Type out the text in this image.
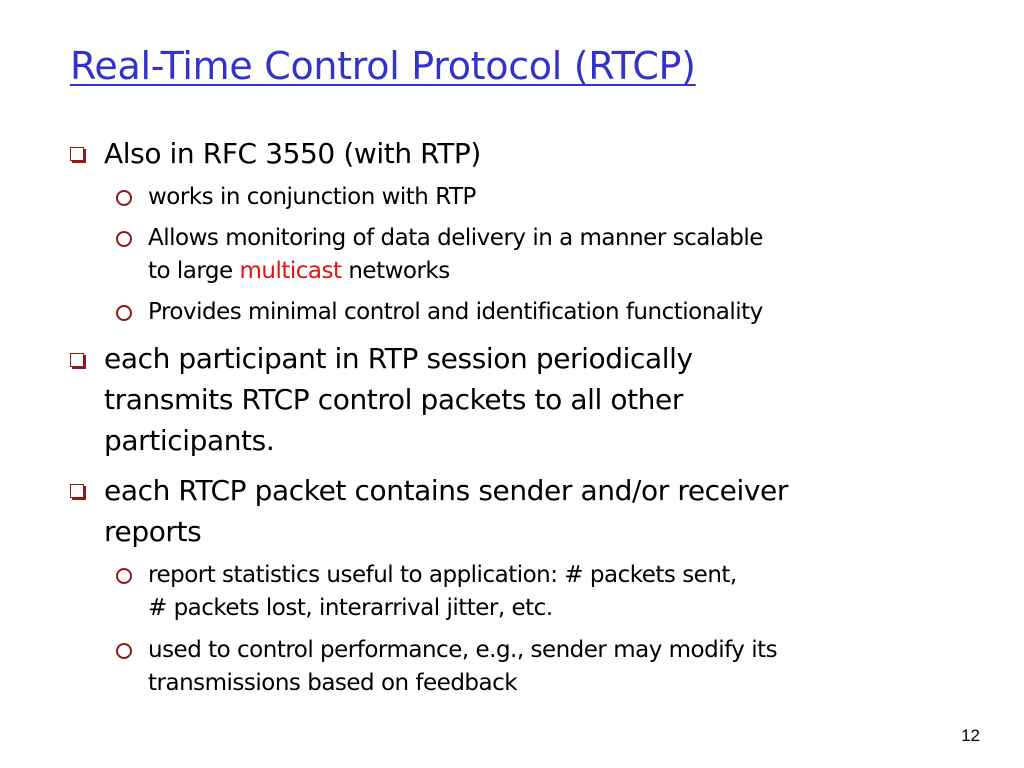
Real-Time Control Protocol (RTCP)
Also in RFC 3550 (with RTP)
works in conjunction with RTP
Allows monitoring of data delivery in a manner scalable
to large multicast networks
Provides minimal control and identification functionality
each participant in RTP session periodically
transmits RTCP control packets to all other
participants.
each RTCP packet contains sender and/or receiver
reports
report statistics useful to application: # packets sent,
# packets lost, interarrival jitter, etc.
used to control performance, e.g., sender may modify its
transmissions based on feedback
12
